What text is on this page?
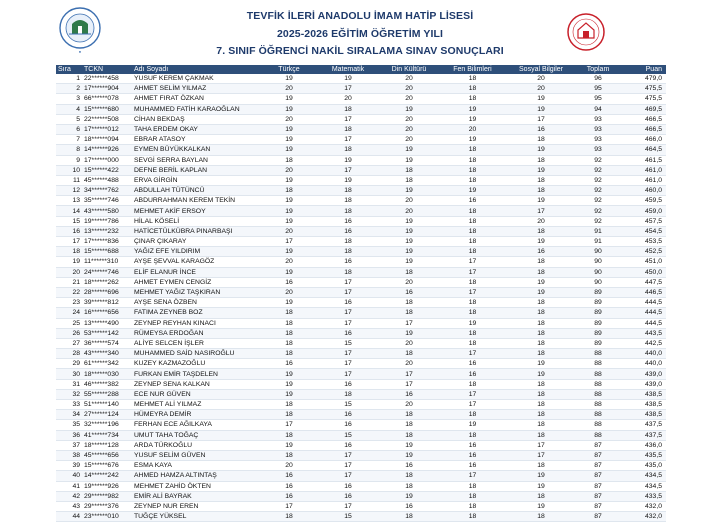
●
TEVFİK İLERİ ANADOLU İMAM HATİP LİSESİ
2025-2026 EĞİTİM ÖĞRETİM YILI
7. SINIF ÖĞRENCİ NAKİL SIRALAMA SINAV SONUÇLARI
Sıra	TCKN	Adı Soyadı	Türkçe	Matematik	Din Kültürü	Fen Bilimleri	Sosyal Bilgiler	Toplam	Puan
1	22******458	YUSUF KEREM ÇAKMAK	19	19	20	18	20	96	479,0
2	17******904	AHMET SELİM YILMAZ	20	17	20	18	20	95	475,5
3	66******078	AHMET FIRAT ÖZKAN	19	20	20	18	19	95	475,5
4	15******680	MUHAMMED FATİH KARAOĞLAN	19	18	19	19	19	94	469,5
5	22******508	CİHAN BEKDAŞ	20	17	20	19	17	93	466,5
6	17******012	TAHA ERDEM OKAY	19	18	20	20	16	93	466,5
7	18******094	EBRAR ATASOY	19	17	20	19	18	93	466,0
8	14******926	EYMEN BÜYÜKKALKAN	19	18	19	18	19	93	464,5
9	17******000	SEVGİ SERRA BAYLAN	18	19	19	18	18	92	461,5
10	15******422	DEFNE BERİL KAPLAN	20	17	18	18	19	92	461,0
11	45******488	ERVA GİRGİN	19	19	18	18	18	92	461,0
12	34******762	ABDULLAH TÜTÜNCÜ	18	18	19	19	18	92	460,0
13	35******746	ABDURRAHMAN KEREM TEKİN	19	18	20	16	19	92	459,5
14	43******580	MEHMET AKİF ERSOY	19	18	20	18	17	92	459,0
15	19******786	HİLAL KÖSELİ	19	16	19	18	20	92	457,5
16	13******232	HATİCETÜLKÜBRA PINARBAŞI	20	16	19	18	18	91	454,5
17	17******836	ÇINAR ÇIKARAY	17	18	19	18	19	91	453,5
18	15******688	YAĞIZ EFE YILDIRIM	19	18	19	18	16	90	452,5
19	11******310	AYŞE ŞEVVAL KARAGÖZ	20	16	19	17	18	90	451,0
20	24******746	ELİF ELANUR İNCE	19	18	18	17	18	90	450,0
21	18******262	AHMET EYMEN CENGİZ	16	17	20	18	19	90	447,5
22	28******696	MEHMET YAĞIZ TAŞKIRAN	20	17	16	17	19	89	446,5
23	39******812	AYŞE SENA ÖZBEN	19	16	18	18	18	89	444,5
24	16******656	FATIMA ZEYNEB BOZ	18	17	18	18	18	89	444,5
25	13******490	ZEYNEP REYHAN KINACI	18	17	17	19	18	89	444,5
26	53******142	RÜMEYSA ERDOĞAN	18	16	19	18	18	89	443,5
27	36******574	ALİYE SELCEN İŞLER	18	15	20	18	18	89	442,5
28	43******340	MUHAMMED SAİD NASIROĞLU	18	17	18	17	18	88	440,0
29	61******342	KUZEY KAZMAZOĞLU	16	17	20	16	19	88	440,0
30	18******030	FURKAN EMİR TAŞDELEN	19	17	17	16	19	88	439,0
31	46******382	ZEYNEP SENA KALKAN	19	16	17	18	18	88	439,0
32	55******288	ECE NUR GÜVEN	19	18	16	17	18	88	438,5
33	51******140	MEHMET ALİ YILMAZ	18	15	20	17	18	88	438,5
34	27******124	HÜMEYRA DEMİR	18	16	18	18	18	88	438,5
35	32******196	FERHAN ECE AĞILKAYA	17	16	18	19	18	88	437,5
36	41******734	UMUT TAHA TOĞAÇ	18	15	18	18	18	88	437,5
37	18******128	ARDA TÜRKOĞLU	19	16	19	16	17	87	436,0
38	45******656	YUSUF SELİM GÜVEN	18	17	19	16	17	87	435,5
39	15******676	ESMA KAYA	20	17	16	16	18	87	435,0
40	14******242	AHMED HAMZA ALTINTAŞ	16	17	18	17	19	87	434,5
41	19******926	MEHMET ZAHİD ÖKTEN	16	16	18	18	19	87	434,5
42	29******982	EMİR ALİ BAYRAK	16	16	19	18	18	87	433,5
43	29******376	ZEYNEP NUR EREN	17	17	16	18	19	87	432,0
44	23******010	TUĞÇE YÜKSEL	18	15	18	18	18	87	432,0
